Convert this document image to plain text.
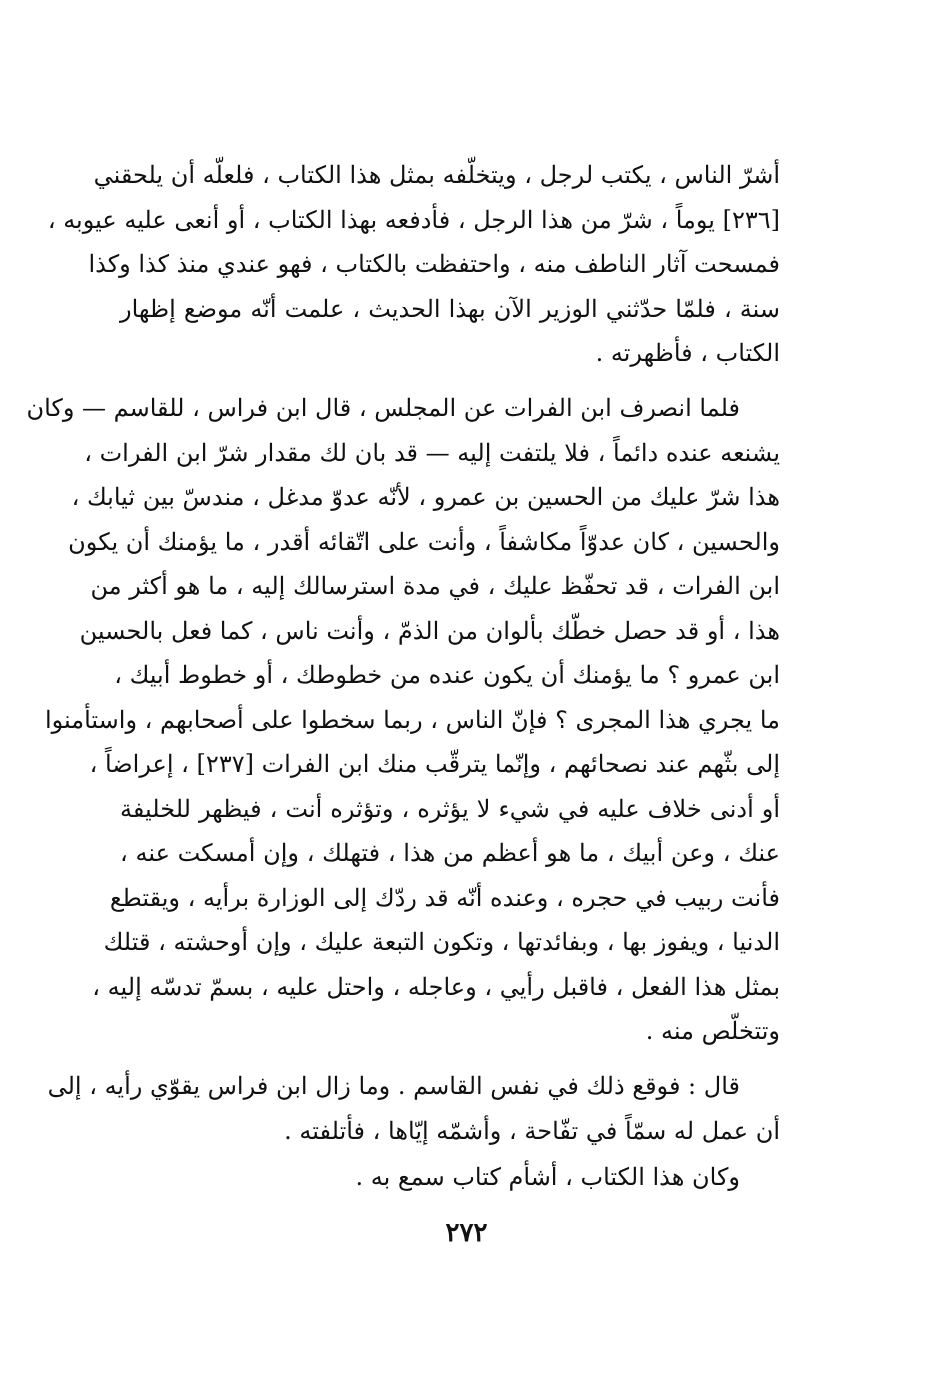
أشرّ الناس ، يكتب لرجل ، ويتخلّفه بمثل هذا الكتاب ، فلعلّه أن يلحقني
[٢٣٦] يوماً ، شرّ من هذا الرجل ، فأدفعه بهذا الكتاب ، أو أنعى عليه عيوبه ،
فمسحت آثار الناطف منه ، واحتفظت بالكتاب ، فهو عندي منذ كذا وكذا
سنة ، فلمّا حدّثني الوزير الآن بهذا الحديث ، علمت أنّه موضع إظهار
الكتاب ، فأظهرته .
فلما انصرف ابن الفرات عن المجلس ، قال ابن فراس ، للقاسم — وكان
يشنعه عنده دائماً ، فلا يلتفت إليه — قد بان لك مقدار شرّ ابن الفرات ،
هذا شرّ عليك من الحسين بن عمرو ، لأنّه عدوّ مدغل ، مندسّ بين ثيابك ،
والحسين ، كان عدوّاً مكاشفاً ، وأنت على اتّقائه أقدر ، ما يؤمنك أن يكون
ابن الفرات ، قد تحفّظ عليك ، في مدة استرسالك إليه ، ما هو أكثر من
هذا ، أو قد حصل خطّك بألوان من الذمّ ، وأنت ناس ، كما فعل بالحسين
ابن عمرو ؟ ما يؤمنك أن يكون عنده من خطوطك ، أو خطوط أبيك ،
ما يجري هذا المجرى ؟ فإنّ الناس ، ربما سخطوا على أصحابهم ، واستأمنوا
إلى بثّهم عند نصحائهم ، وإنّما يترقّب منك ابن الفرات [٢٣٧] ، إعراضاً ،
أو أدنى خلاف عليه في شيء لا يؤثره ، وتؤثره أنت ، فيظهر للخليفة
عنك ، وعن أبيك ، ما هو أعظم من هذا ، فتهلك ، وإن أمسكت عنه ،
فأنت ربيب في حجره ، وعنده أنّه قد ردّك إلى الوزارة برأيه ، ويقتطع
الدنيا ، ويفوز بها ، وبفائدتها ، وتكون التبعة عليك ، وإن أوحشته ، قتلك
بمثل هذا الفعل ، فاقبل رأيي ، وعاجله ، واحتل عليه ، بسمّ تدسّه إليه ،
وتتخلّص منه .
قال : فوقع ذلك في نفس القاسم . وما زال ابن فراس يقوّي رأيه ، إلى
أن عمل له سمّاً في تفّاحة ، وأشمّه إيّاها ، فأتلفته .
وكان هذا الكتاب ، أشأم كتاب سمع به .
٢٧٢
